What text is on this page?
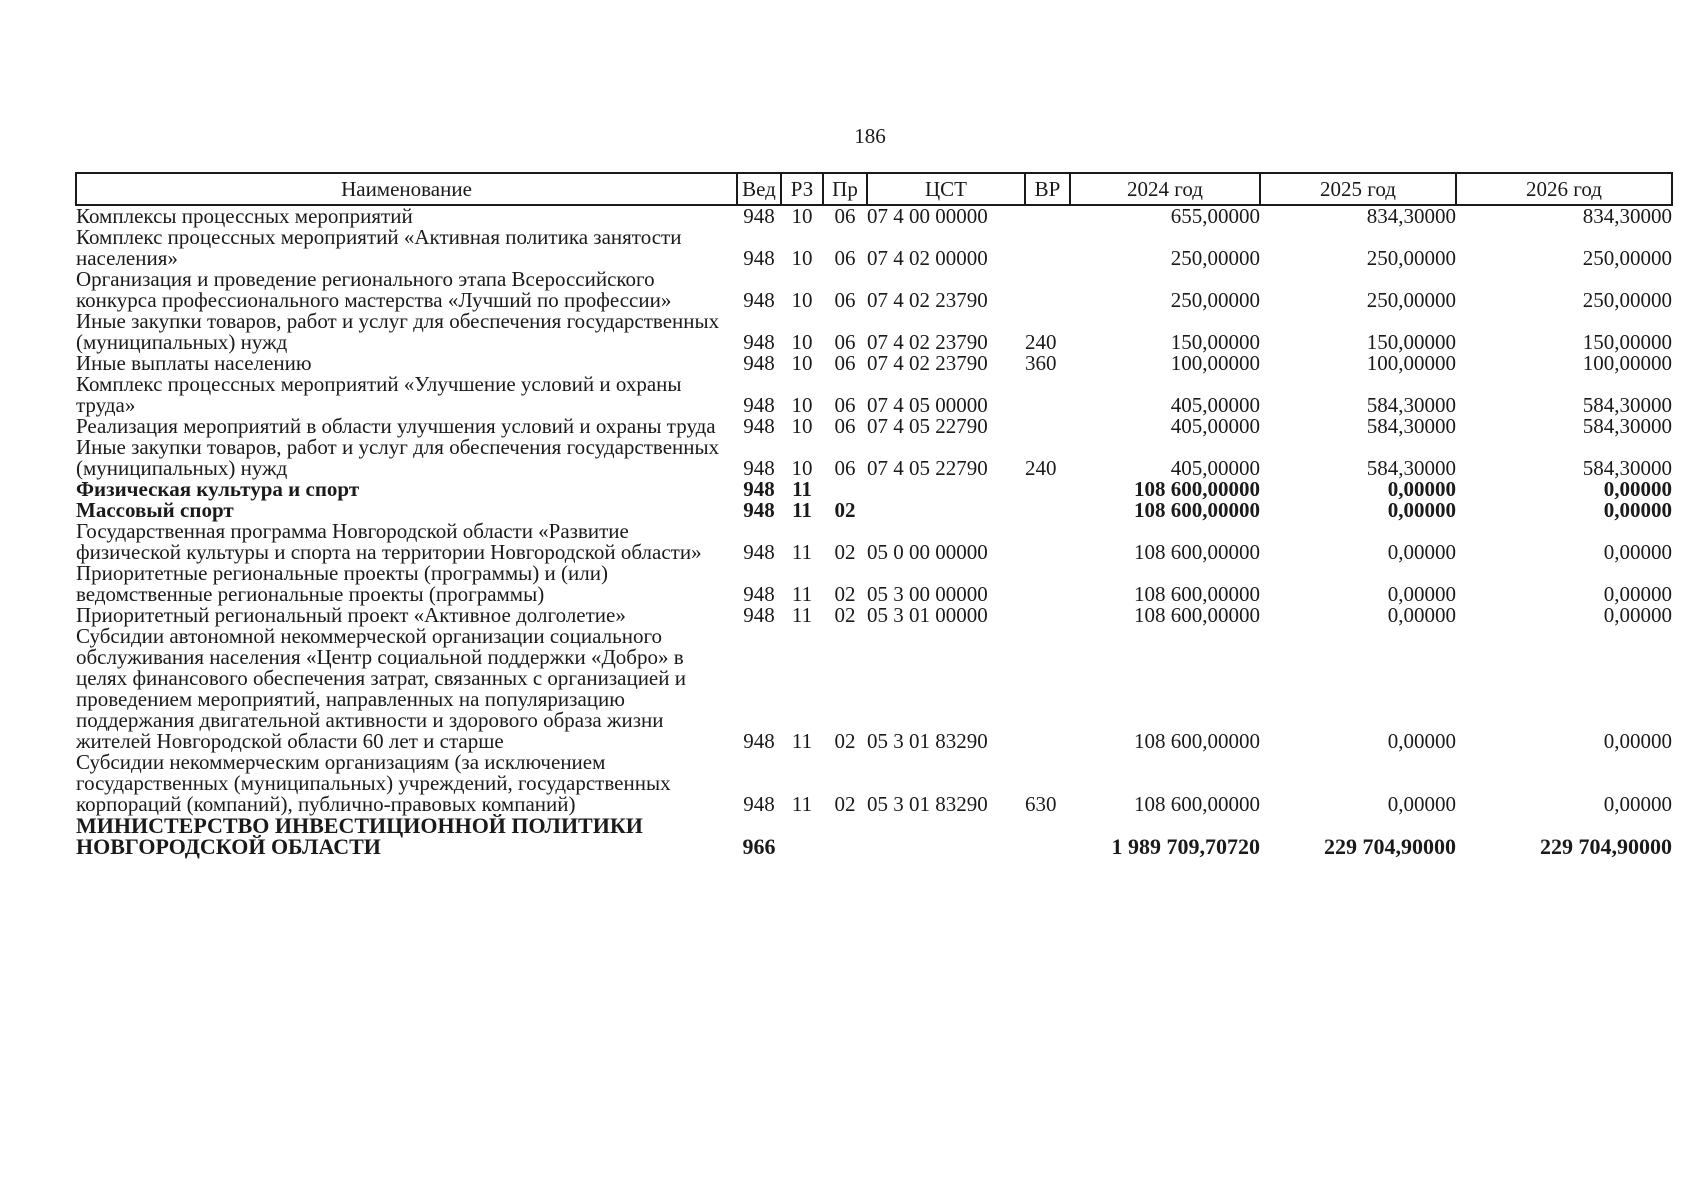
186
Наименование	Вед	РЗ	Пр	ЦСТ	ВР	2024 год	2025 год	2026 год
Комплексы процессных мероприятий	948	10	06	07 4 00 00000		655,00000	834,30000	834,30000
Комплекс процессных мероприятий «Активная политика занятости населения»	948	10	06	07 4 02 00000		250,00000	250,00000	250,00000
Организация и проведение регионального этапа Всероссийского конкурса профессионального мастерства «Лучший по профессии»	948	10	06	07 4 02 23790		250,00000	250,00000	250,00000
Иные закупки товаров, работ и услуг для обеспечения государственных (муниципальных) нужд	948	10	06	07 4 02 23790	240	150,00000	150,00000	150,00000
Иные выплаты населению	948	10	06	07 4 02 23790	360	100,00000	100,00000	100,00000
Комплекс процессных мероприятий «Улучшение условий и охраны труда»	948	10	06	07 4 05 00000		405,00000	584,30000	584,30000
Реализация мероприятий в области улучшения условий и охраны труда	948	10	06	07 4 05 22790		405,00000	584,30000	584,30000
Иные закупки товаров, работ и услуг для обеспечения государственных (муниципальных) нужд	948	10	06	07 4 05 22790	240	405,00000	584,30000	584,30000
Физическая культура и спорт	948	11				108 600,00000	0,00000	0,00000
Массовый спорт	948	11	02			108 600,00000	0,00000	0,00000
Государственная программа Новгородской области «Развитие физической культуры и спорта на территории Новгородской области»	948	11	02	05 0 00 00000		108 600,00000	0,00000	0,00000
Приоритетные региональные проекты (программы) и (или) ведомственные региональные проекты (программы)	948	11	02	05 3 00 00000		108 600,00000	0,00000	0,00000
Приоритетный региональный проект «Активное долголетие»	948	11	02	05 3 01 00000		108 600,00000	0,00000	0,00000
Субсидии автономной некоммерческой организации социального обслуживания населения «Центр социальной поддержки «Добро» в целях финансового обеспечения затрат, связанных с организацией и проведением мероприятий, направленных на популяризацию поддержания двигательной активности и здорового образа жизни жителей Новгородской области 60 лет и старше	948	11	02	05 3 01 83290		108 600,00000	0,00000	0,00000
Субсидии некоммерческим организациям (за исключением государственных (муниципальных) учреждений, государственных корпораций (компаний), публично-правовых компаний)	948	11	02	05 3 01 83290	630	108 600,00000	0,00000	0,00000
МИНИСТЕРСТВО ИНВЕСТИЦИОННОЙ ПОЛИТИКИ НОВГОРОДСКОЙ ОБЛАСТИ	966					1 989 709,70720	229 704,90000	229 704,90000
